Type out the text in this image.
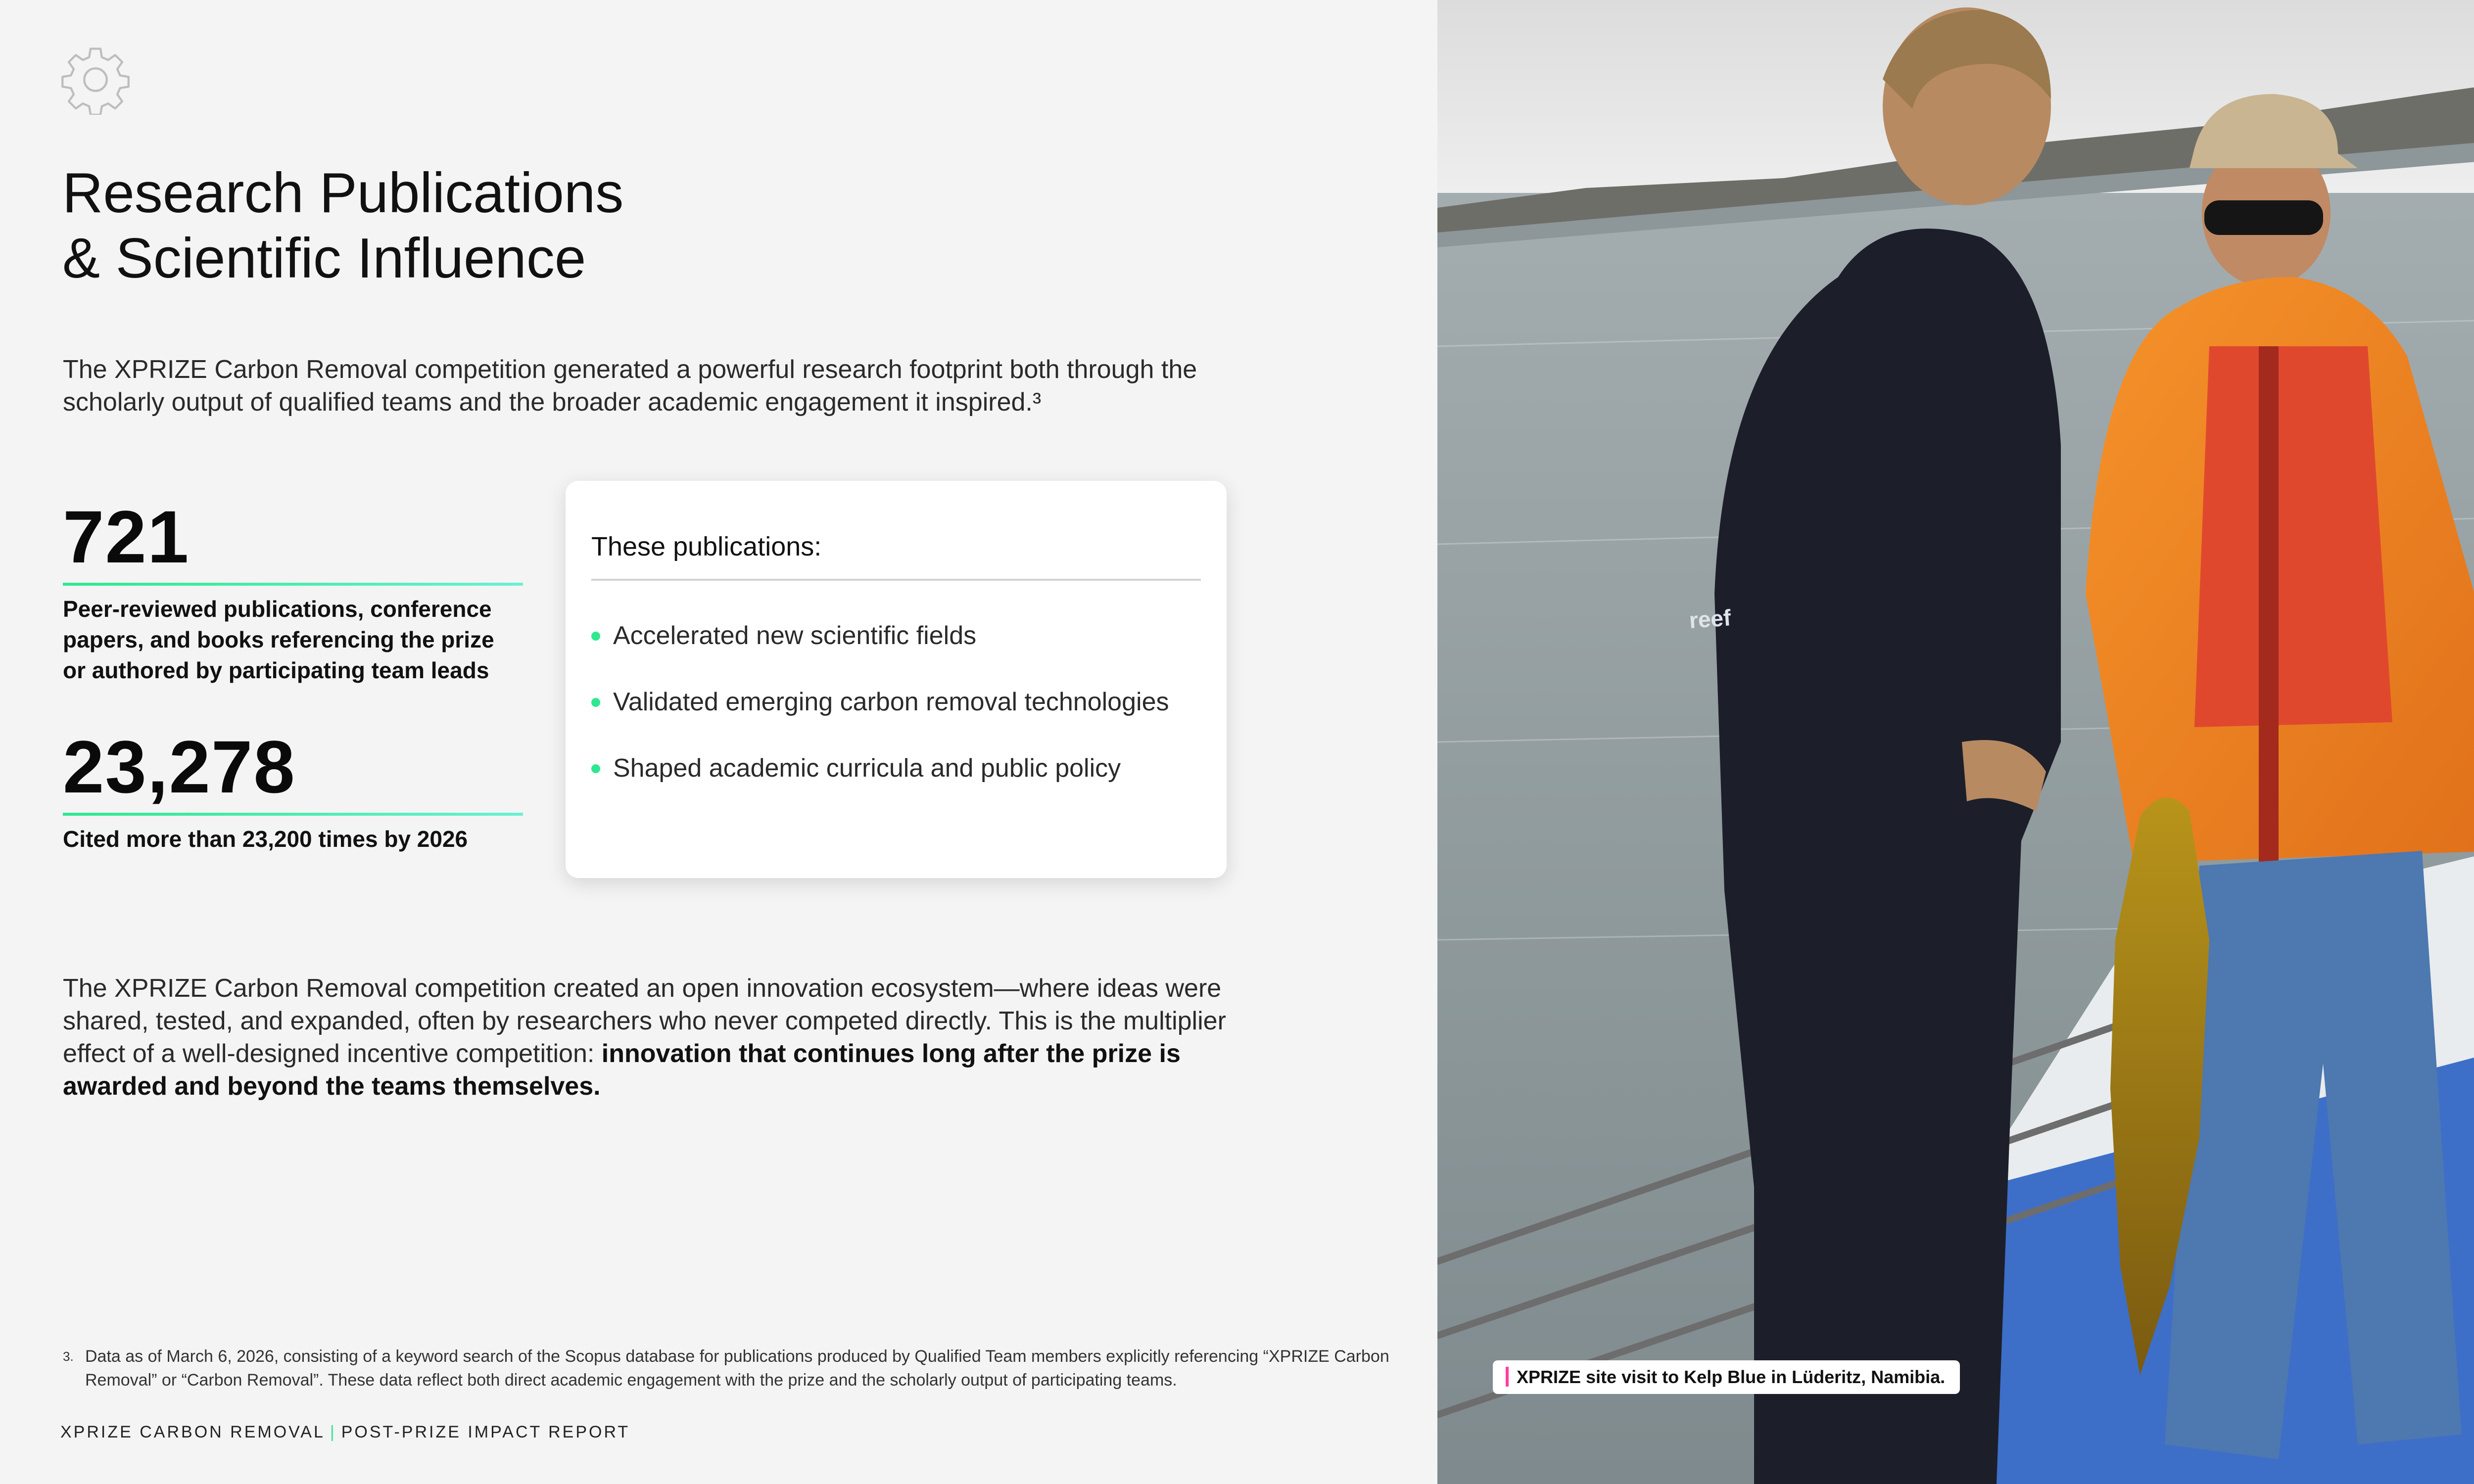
Research Publications
& Scientific Influence

The XPRIZE Carbon Removal competition generated a powerful research footprint both through the scholarly output of qualified teams and the broader academic engagement it inspired.³

721
Peer-reviewed publications, conference papers, and books referencing the prize or authored by participating team leads
23,278
Cited more than 23,200 times by 2026
These publications:
Accelerated new scientific fields
Validated emerging carbon removal technologies
Shaped academic curricula and public policy

The XPRIZE Carbon Removal competition created an open innovation ecosystem—where ideas were shared, tested, and expanded, often by researchers who never competed directly. This is the multiplier effect of a well-designed incentive competition: innovation that continues long after the prize is awarded and beyond the teams themselves.

3. Data as of March 6, 2026, consisting of a keyword search of the Scopus database for publications produced by Qualified Team members explicitly referencing “XPRIZE Carbon Removal” or “Carbon Removal”. These data reflect both direct academic engagement with the prize and the scholarly output of participating teams.
XPRIZE CARBON REMOVAL | POST-PRIZE IMPACT REPORT
reef
XPRIZE site visit to Kelp Blue in Lüderitz, Namibia.
